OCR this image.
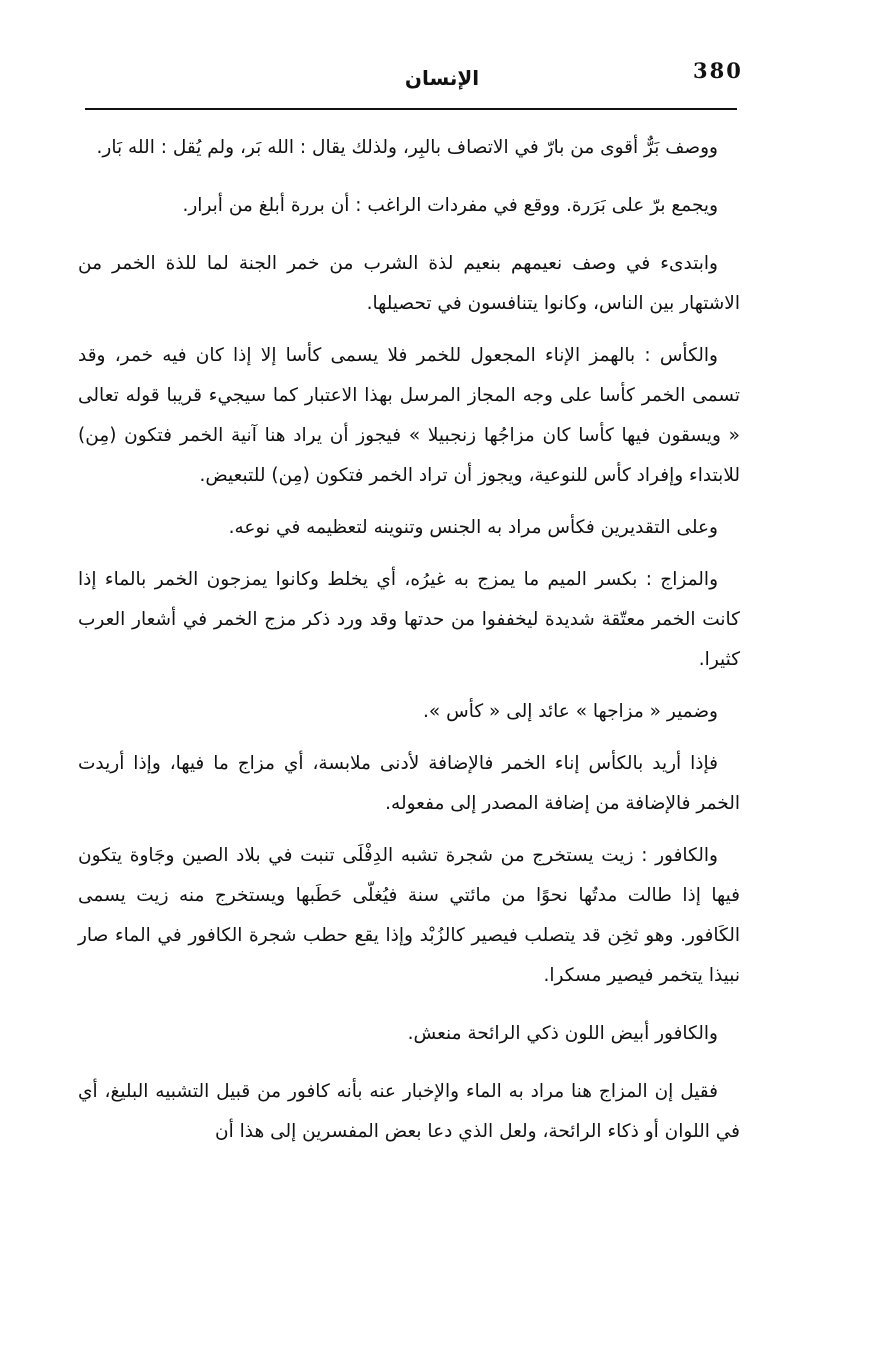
380
الإنسان

ووصف بَرٌّ أقوى من بارّ في الاتصاف بالبِر، ولذلك يقال : الله بَر، ولم يُقل : الله بَار.

ويجمع برّ على بَرَرة. ووقع في مفردات الراغب : أن بررة أبلغ من أبرار.

وابتدىء في وصف نعيمهم بنعيم لذة الشرب من خمر الجنة لما للذة الخمر من الاشتهار بين الناس، وكانوا يتنافسون في تحصيلها.

والكأس : بالهمز الإناء المجعول للخمر فلا يسمى كأسا إلا إذا كان فيه خمر، وقد تسمى الخمر كأسا على وجه المجاز المرسل بهذا الاعتبار كما سيجيء قريبا قوله تعالى « ويسقون فيها كأسا كان مزاجُها زنجبيلا » فيجوز أن يراد هنا آنية الخمر فتكون (مِن) للابتداء وإفراد كأس للنوعية، ويجوز أن تراد الخمر فتكون (مِن) للتبعيض.

وعلى التقديرين فكأس مراد به الجنس وتنوينه لتعظيمه في نوعه.

والمزاج : بكسر الميم ما يمزج به غيرُه، أي يخلط وكانوا يمزجون الخمر بالماء إذا كانت الخمر معتّقة شديدة ليخففوا من حدتها وقد ورد ذكر مزج الخمر في أشعار العرب كثيرا.

وضمير « مزاجها » عائد إلى « كأس ».

فإذا أريد بالكأس إناء الخمر فالإضافة لأدنى ملابسة، أي مزاج ما فيها، وإذا أريدت الخمر فالإضافة من إضافة المصدر إلى مفعوله.

والكافور : زيت يستخرج من شجرة تشبه الدِفْلَى تنبت في بلاد الصين وجَاوة يتكون فيها إذا طالت مدتُها نحوًا من مائتي سنة فيُغلّى حَطَبها ويستخرج منه زيت يسمى الكَافور. وهو ثخِن قد يتصلب فيصير كالزُبْد وإذا يقع حطب شجرة الكافور في الماء صار نبيذا يتخمر فيصير مسكرا.

والكافور أبيض اللون ذكي الرائحة منعش.

فقيل إن المزاج هنا مراد به الماء والإخبار عنه بأنه كافور من قبيل التشبيه البليغ، أي في اللوان أو ذكاء الرائحة، ولعل الذي دعا بعض المفسرين إلى هذا أن
